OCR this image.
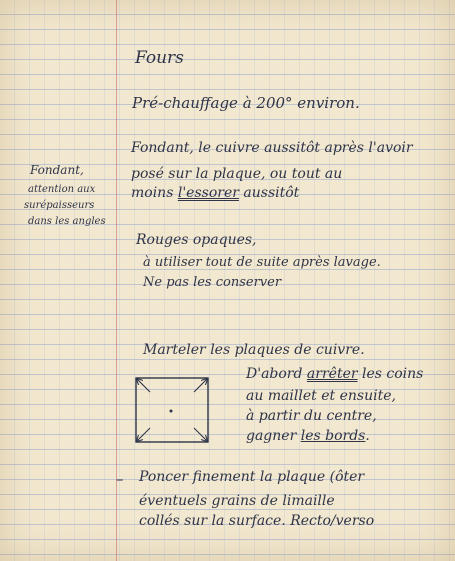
Fours

Pré-chauffage à 200° environ.

Fondant, le cuivre aussitôt après l'avoir

posé sur la plaque, ou tout au

moins l'essorer aussitôt

Fondant,

attention aux

surépaisseurs

dans les angles

Rouges opaques,

à utiliser tout de suite après lavage.

Ne pas les conserver

Marteler les plaques de cuivre.

D'abord arrêter les coins

au maillet et ensuite,

à partir du centre,

gagner les bords.

– Poncer finement la plaque (ôter

éventuels grains de limaille

collés sur la surface. Recto/verso
